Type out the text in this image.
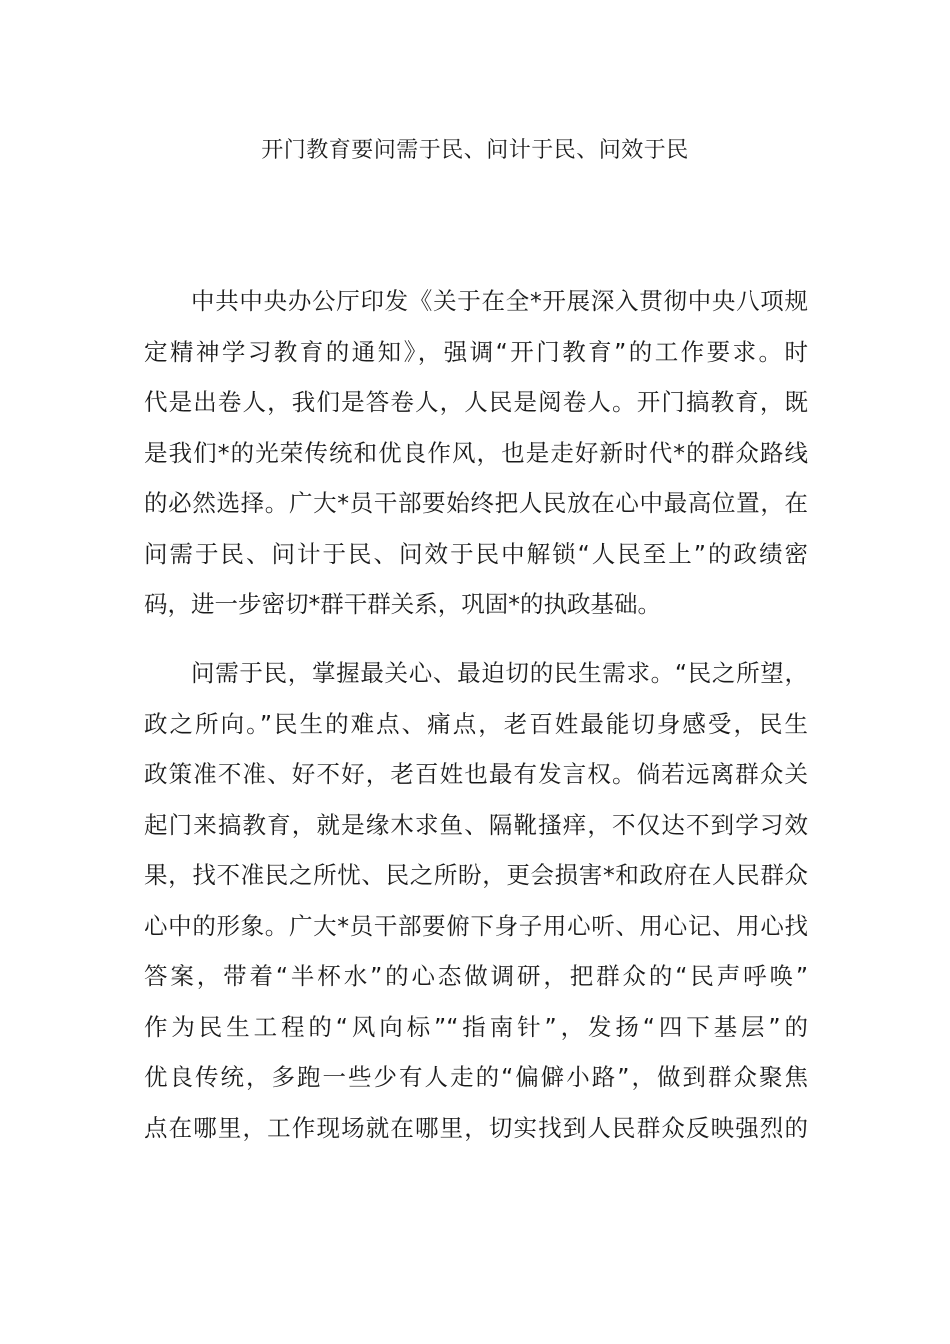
开门教育要问需于民、问计于民、问效于民
中共中央办公厅印发《关于在全*开展深入贯彻中央八项规
定精神学习教育的通知》，强调“开门教育”的工作要求。时
代是出卷人，我们是答卷人，人民是阅卷人。开门搞教育，既
是我们*的光荣传统和优良作风，也是走好新时代*的群众路线
的必然选择。广大*员干部要始终把人民放在心中最高位置，在
问需于民、问计于民、问效于民中解锁“人民至上”的政绩密
码，进一步密切*群干群关系，巩固*的执政基础。
问需于民，掌握最关心、最迫切的民生需求。“民之所望，
政之所向。”民生的难点、痛点，老百姓最能切身感受，民生
政策准不准、好不好，老百姓也最有发言权。倘若远离群众关
起门来搞教育，就是缘木求鱼、隔靴搔痒，不仅达不到学习效
果，找不准民之所忧、民之所盼，更会损害*和政府在人民群众
心中的形象。广大*员干部要俯下身子用心听、用心记、用心找
答案，带着“半杯水”的心态做调研，把群众的“民声呼唤”
作为民生工程的“风向标”“指南针”，发扬“四下基层”的
优良传统，多跑一些少有人走的“偏僻小路”，做到群众聚焦
点在哪里，工作现场就在哪里，切实找到人民群众反映强烈的
